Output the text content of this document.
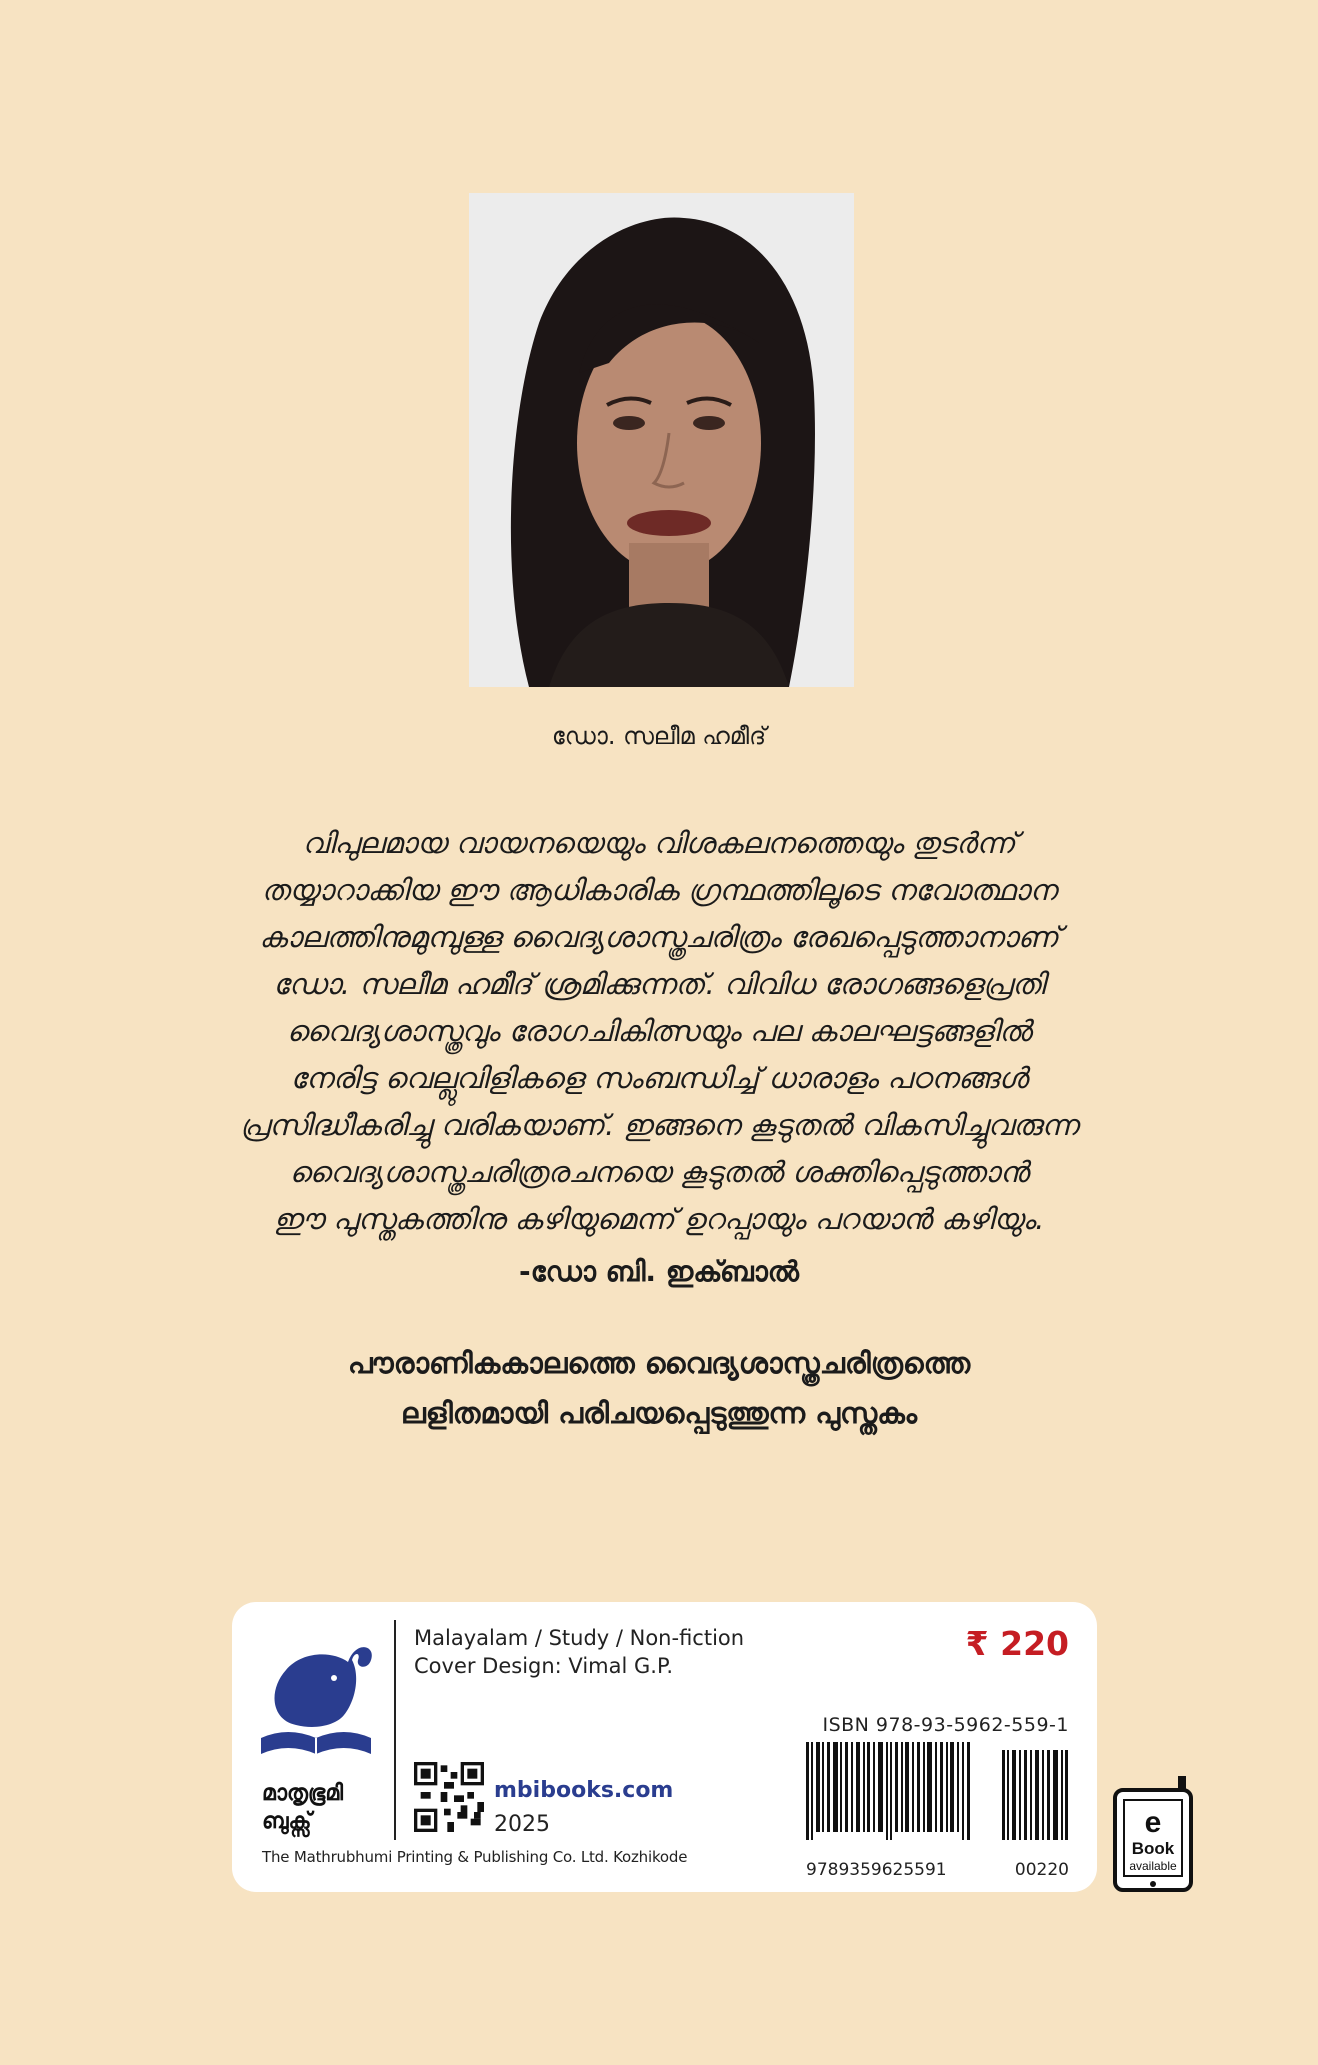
ഡോ. സലീമ ഹമീദ്
വിപുലമായ വായനയെയും വിശകലനത്തെയും തുടർന്ന്
തയ്യാറാക്കിയ ഈ ആധികാരിക ഗ്രന്ഥത്തിലൂടെ നവോത്ഥാന
കാലത്തിനുമുമ്പുള്ള വൈദ്യശാസ്ത്രചരിത്രം രേഖപ്പെടുത്താനാണ്
ഡോ. സലീമ ഹമീദ് ശ്രമിക്കുന്നത്. വിവിധ രോഗങ്ങളെപ്രതി
വൈദ്യശാസ്ത്രവും രോഗചികിത്സയും പല കാലഘട്ടങ്ങളിൽ
നേരിട്ട വെല്ലുവിളികളെ സംബന്ധിച്ച് ധാരാളം പഠനങ്ങൾ
പ്രസിദ്ധീകരിച്ചു വരികയാണ്. ഇങ്ങനെ കൂടുതൽ വികസിച്ചുവരുന്ന
വൈദ്യശാസ്ത്രചരിത്രരചനയെ കൂടുതൽ ശക്തിപ്പെടുത്താൻ
ഈ പുസ്തകത്തിനു കഴിയുമെന്ന് ഉറപ്പായും പറയാൻ കഴിയും.
-ഡോ ബി. ഇക്ബാൽ
പൗരാണികകാലത്തെ വൈദ്യശാസ്ത്രചരിത്രത്തെ
ലളിതമായി പരിചയപ്പെടുത്തുന്ന പുസ്തകം
മാതൃഭൂമി
ബുക്സ്
Malayalam / Study / Non-fiction
Cover Design: Vimal G.P.
₹ 220
ISBN 978-93-5962-559-1
9789359625591	00220
mbibooks.com
2025
The Mathrubhumi Printing & Publishing Co. Ltd. Kozhikode
e
Book
available
